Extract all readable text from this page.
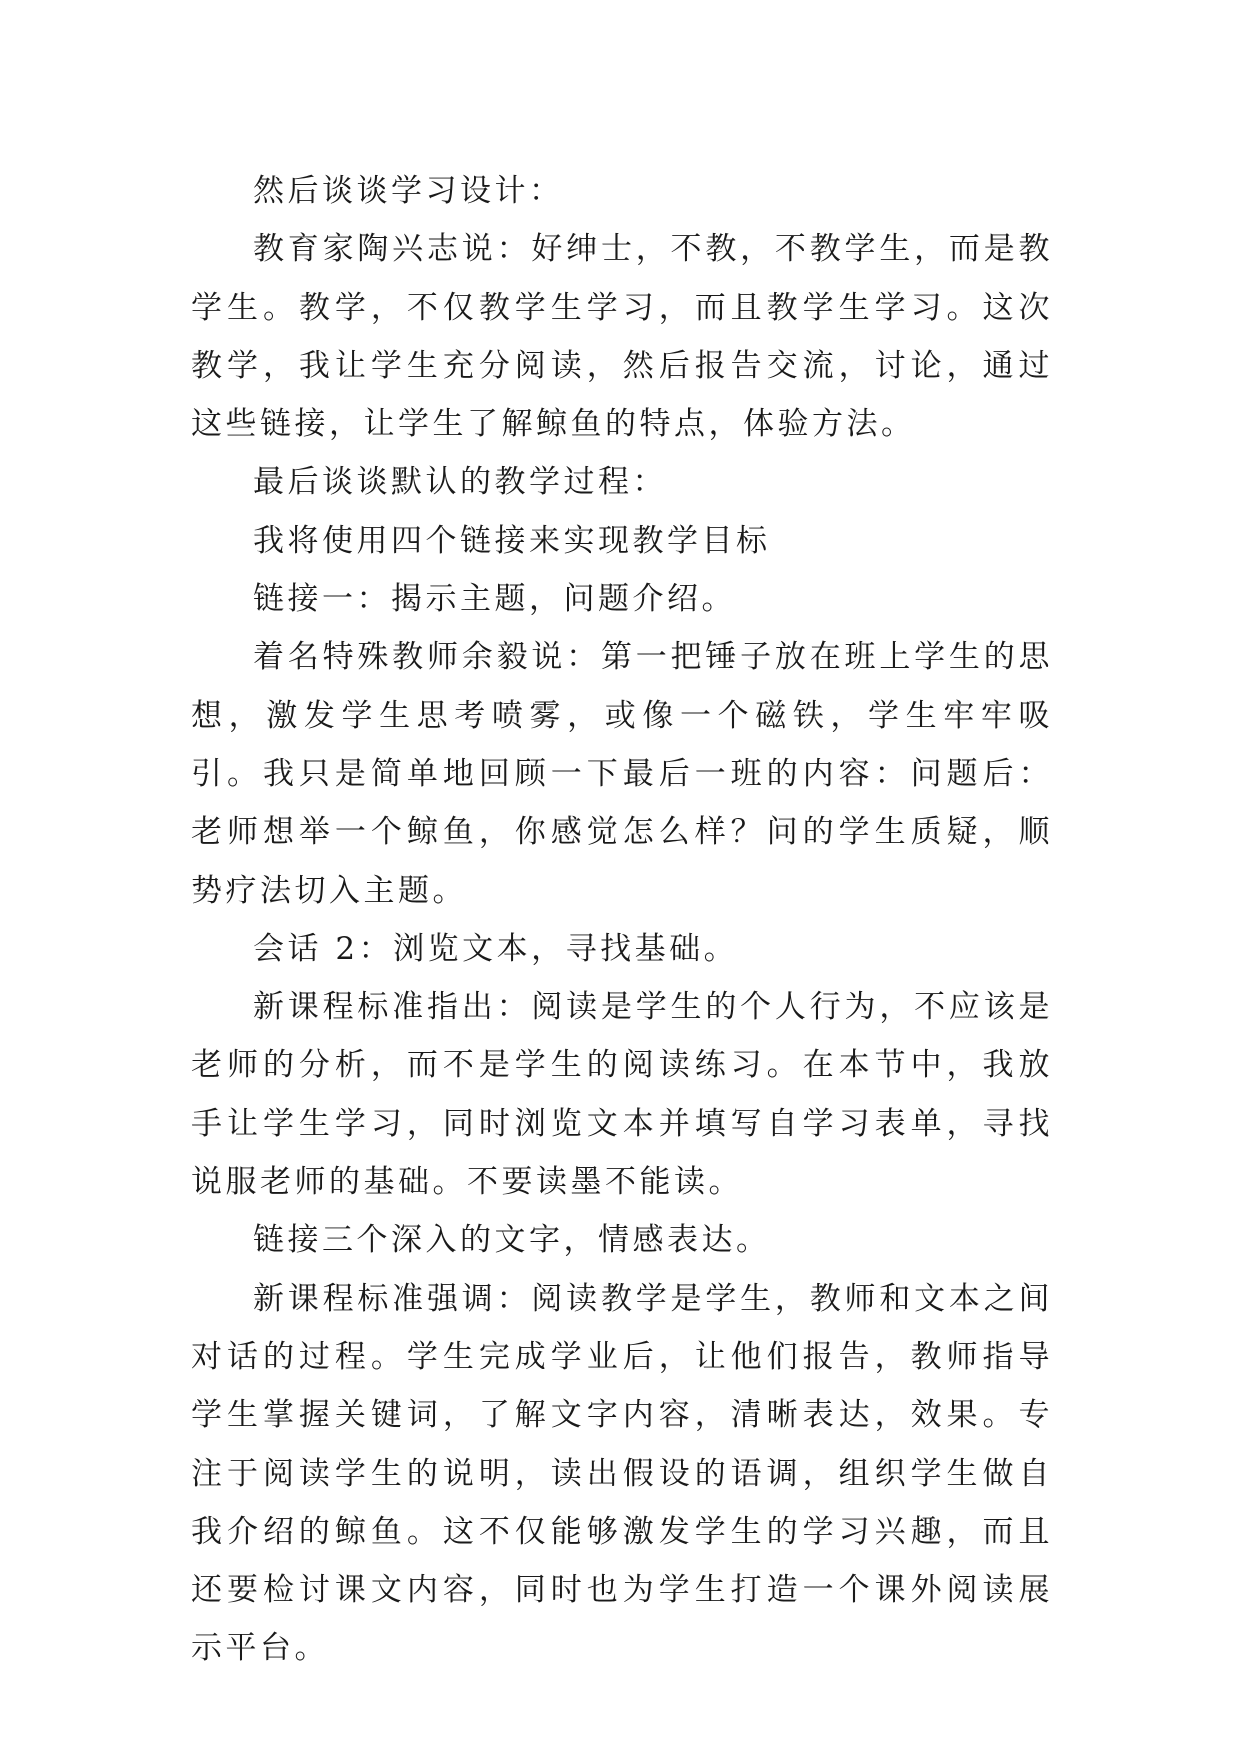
然后谈谈学习设计：

教育家陶兴志说：好绅士，不教，不教学生，而是教学生。教学，不仅教学生学习，而且教学生学习。这次教学，我让学生充分阅读，然后报告交流，讨论，通过这些链接，让学生了解鲸鱼的特点，体验方法。

最后谈谈默认的教学过程：

我将使用四个链接来实现教学目标

链接一：揭示主题，问题介绍。

着名特殊教师余毅说：第一把锤子放在班上学生的思想，激发学生思考喷雾，或像一个磁铁，学生牢牢吸引。我只是简单地回顾一下最后一班的内容：问题后：老师想举一个鲸鱼，你感觉怎么样？问的学生质疑，顺势疗法切入主题。

会话 2：浏览文本，寻找基础。

新课程标准指出：阅读是学生的个人行为，不应该是老师的分析，而不是学生的阅读练习。在本节中，我放手让学生学习，同时浏览文本并填写自学习表单，寻找说服老师的基础。不要读墨不能读。

链接三个深入的文字，情感表达。

新课程标准强调：阅读教学是学生，教师和文本之间对话的过程。学生完成学业后，让他们报告，教师指导学生掌握关键词，了解文字内容，清晰表达，效果。专注于阅读学生的说明，读出假设的语调，组织学生做自我介绍的鲸鱼。这不仅能够激发学生的学习兴趣，而且还要检讨课文内容，同时也为学生打造一个课外阅读展示平台。
